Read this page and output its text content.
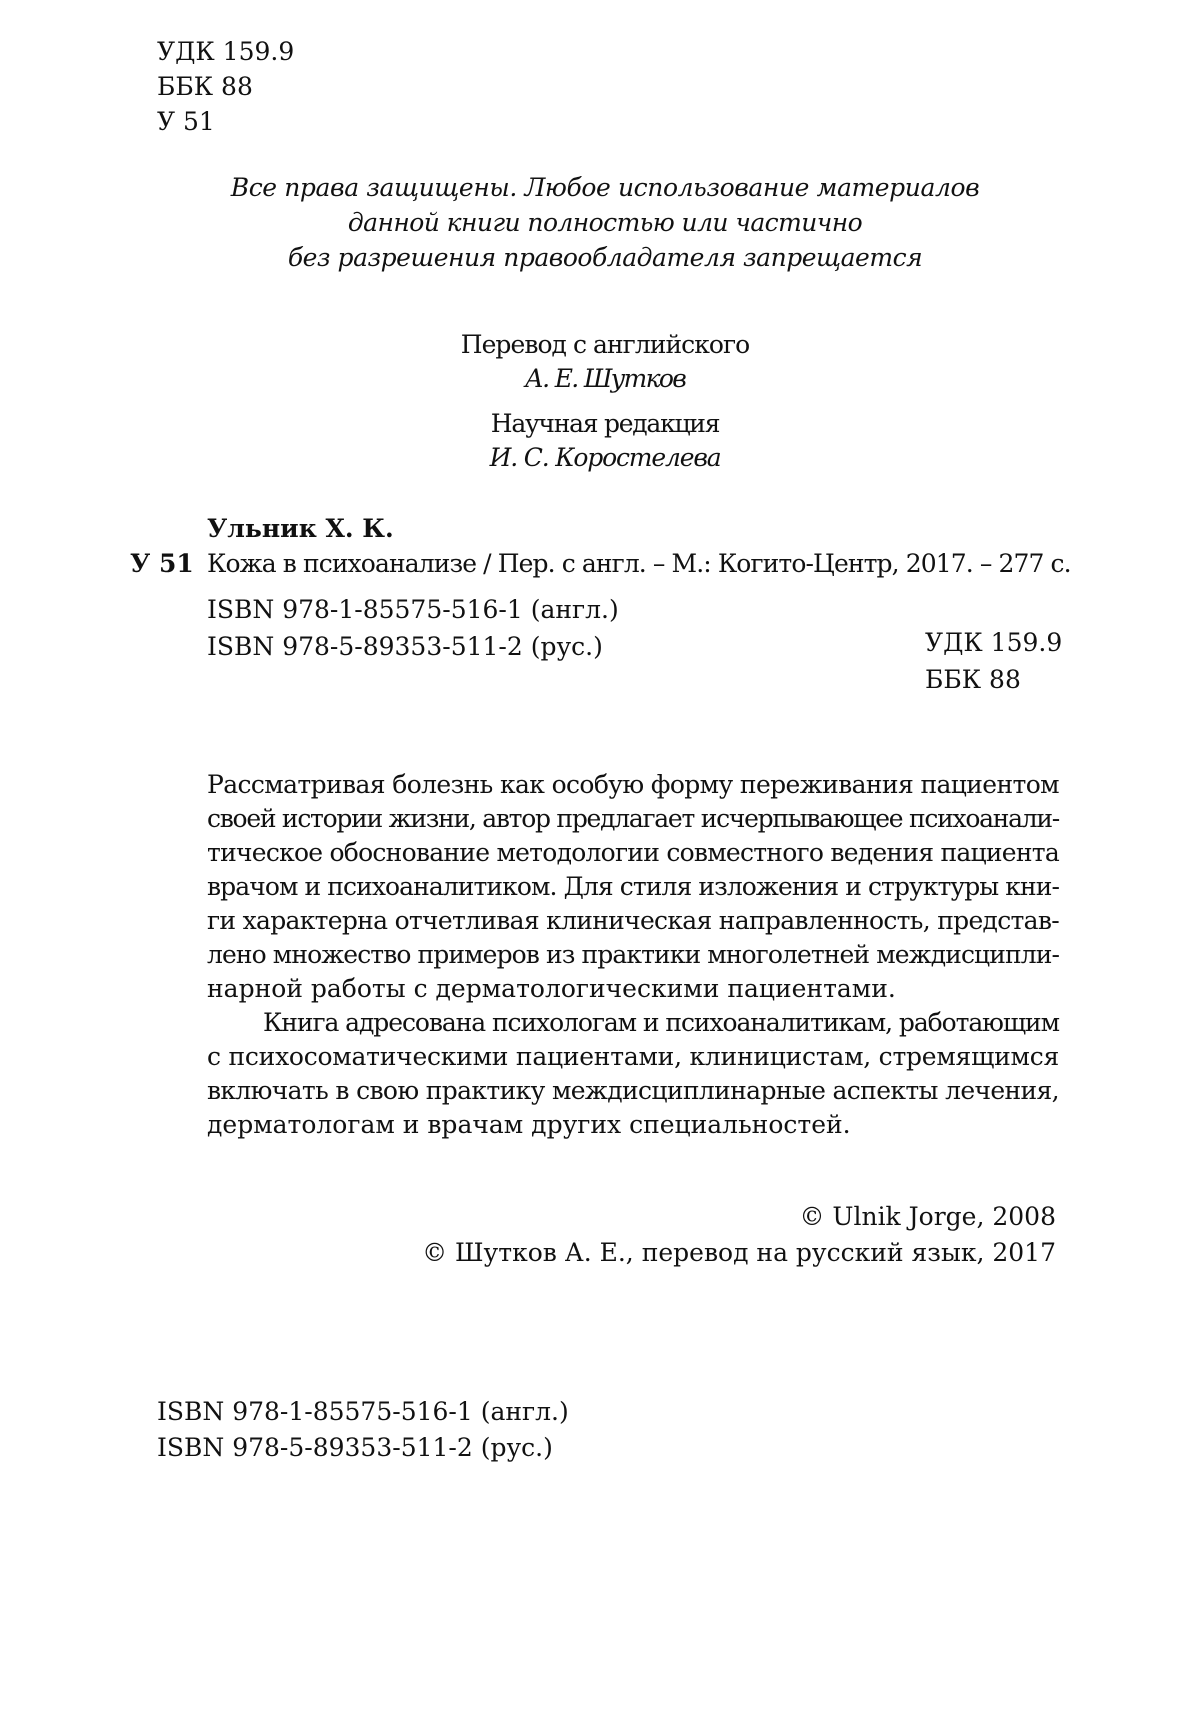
УДК 159.9
ББК 88
У 51
Все права защищены. Любое использование материалов
данной книги полностью или частично
без разрешения правообладателя запрещается
Перевод с английского
А. Е. Шутков
Научная редакция
И. С. Коростелева
Ульник Х. К.
У 51 Кожа в психоанализе / Пер. с англ. – М.: Когито-Центр, 2017. – 277 с.
ISBN 978-1-85575-516-1 (англ.)
ISBN 978-5-89353-511-2 (рус.)	УДК 159.9
ББК 88
Рассматривая болезнь как особую форму переживания пациентом
своей истории жизни, автор предлагает исчерпывающее психоанали-
тическое обоснование методологии совместного ведения пациента
врачом и психоаналитиком. Для стиля изложения и структуры кни-
ги характерна отчетливая клиническая направленность, представ-
лено множество примеров из практики многолетней междисципли-
нарной работы с дерматологическими пациентами.
Книга адресована психологам и психоаналитикам, работающим
с психосоматическими пациентами, клиницистам, стремящимся
включать в свою практику междисциплинарные аспекты лечения,
дерматологам и врачам других специальностей.
© Ulnik Jorge, 2008
© Шутков А. Е., перевод на русский язык, 2017
ISBN 978-1-85575-516-1 (англ.)
ISBN 978-5-89353-511-2 (рус.)
